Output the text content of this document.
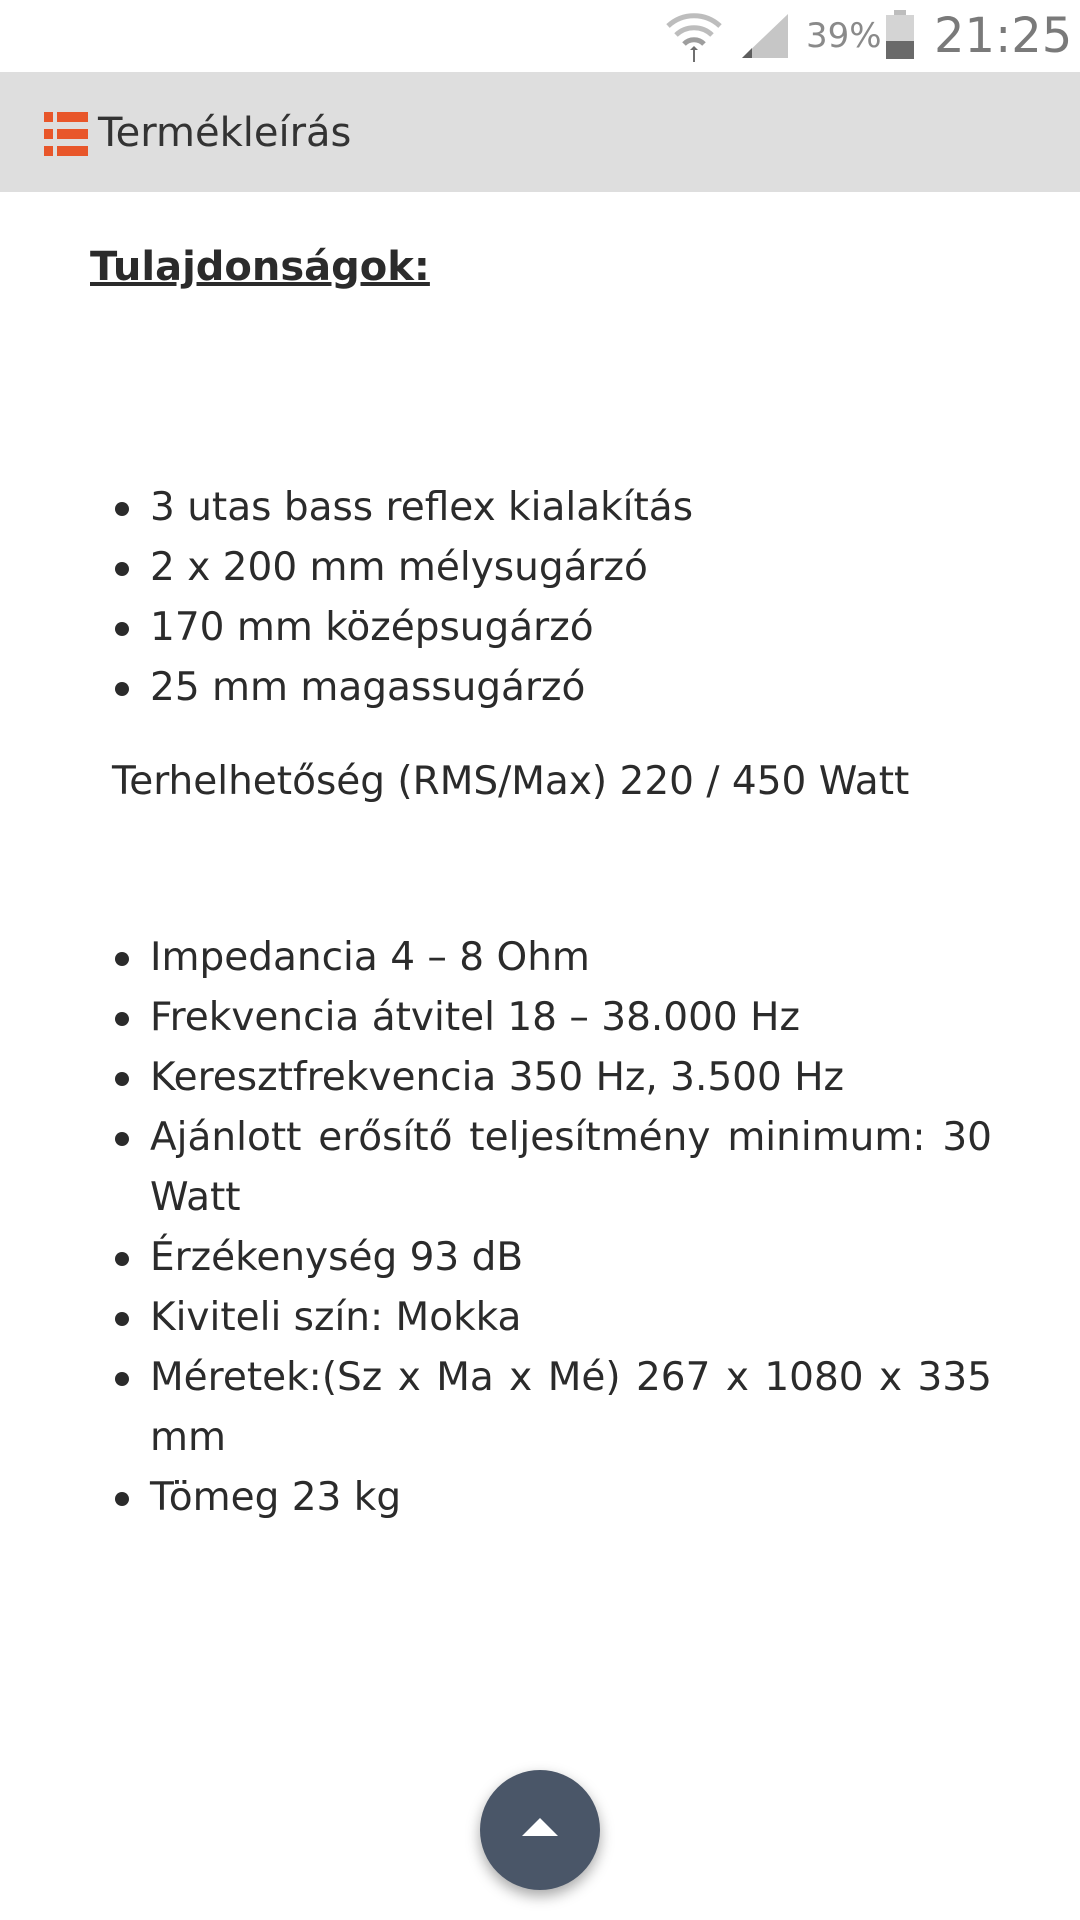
39% 21:25
Termékleírás
Tulajdonságok:
3 utas bass reflex kialakítás
2 x 200 mm mélysugárzó
170 mm középsugárzó
25 mm magassugárzó
Terhelhetőség (RMS/Max) 220 / 450 Watt
Impedancia 4 – 8 Ohm
Frekvencia átvitel 18 – 38.000 Hz
Keresztfrekvencia 350 Hz, 3.500 Hz
Ajánlott erősítő teljesítmény minimum: 30 Watt
Érzékenység 93 dB
Kiviteli szín: Mokka
Méretek:(Sz x Ma x Mé) 267 x 1080 x 335 mm
Tömeg 23 kg
